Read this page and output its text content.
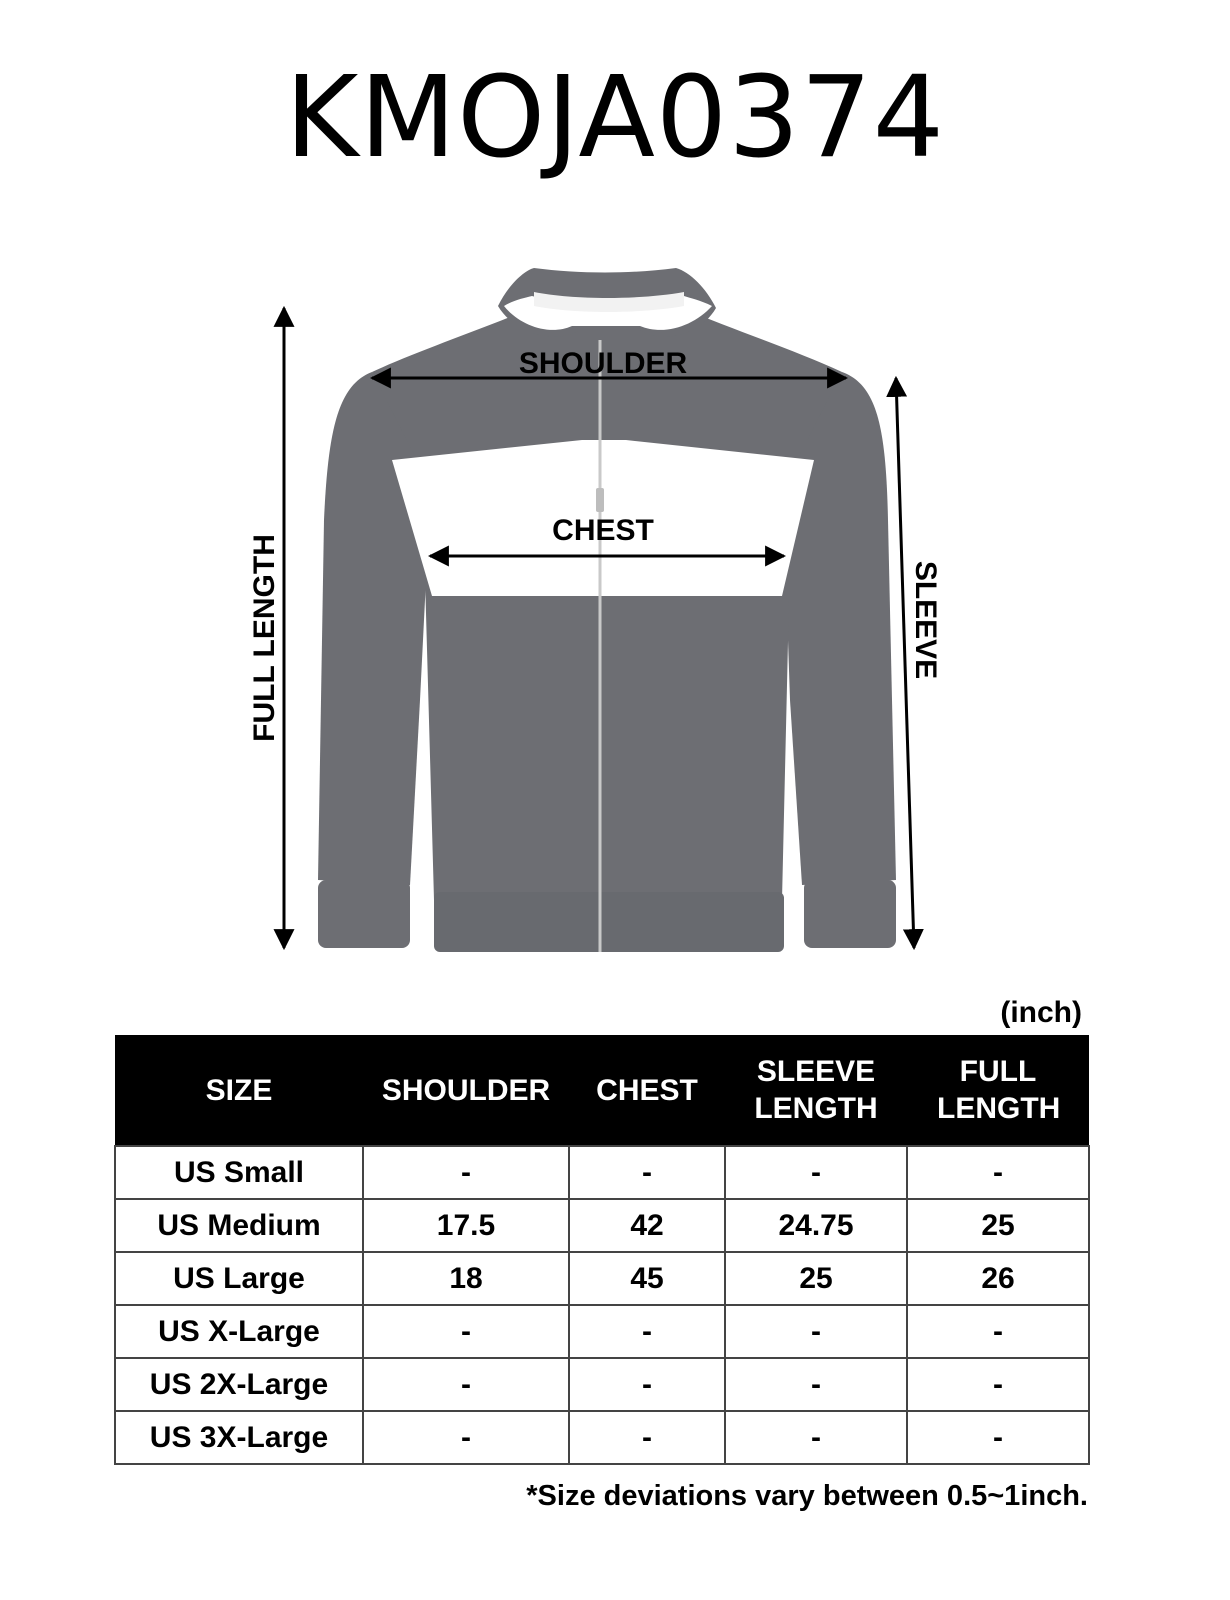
KMOJA0374
SHOULDER
CHEST
FULL LENGTH	SLEEVE
(inch)
SIZE	SHOULDER	CHEST	SLEEVE LENGTH	FULL LENGTH
US Small	-	-	-	-
US Medium	17.5	42	24.75	25
US Large	18	45	25	26
US X-Large	-	-	-	-
US 2X-Large	-	-	-	-
US 3X-Large	-	-	-	-
*Size deviations vary between 0.5~1inch.
